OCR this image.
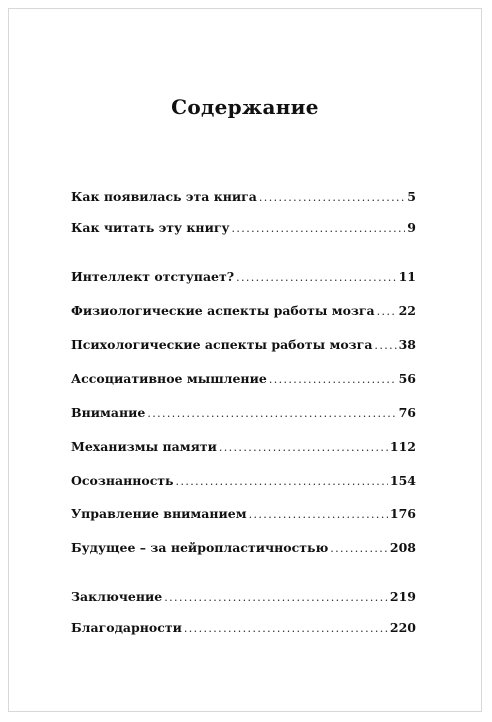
Содержание
Как появилась эта книга .....	5
Как читать эту книгу .....	9
Интеллект отступает? .....	11
Физиологические аспекты работы мозга ..... 22
Психологические аспекты работы мозга ..... 38
Ассоциативное мышление .....	56
Внимание .....	76
Механизмы памяти .....	112
Осознанность .....	154
Управление вниманием .....	176
Будущее – за нейропластичностью .....	208
Заключение .....	219
Благодарности .....	220
